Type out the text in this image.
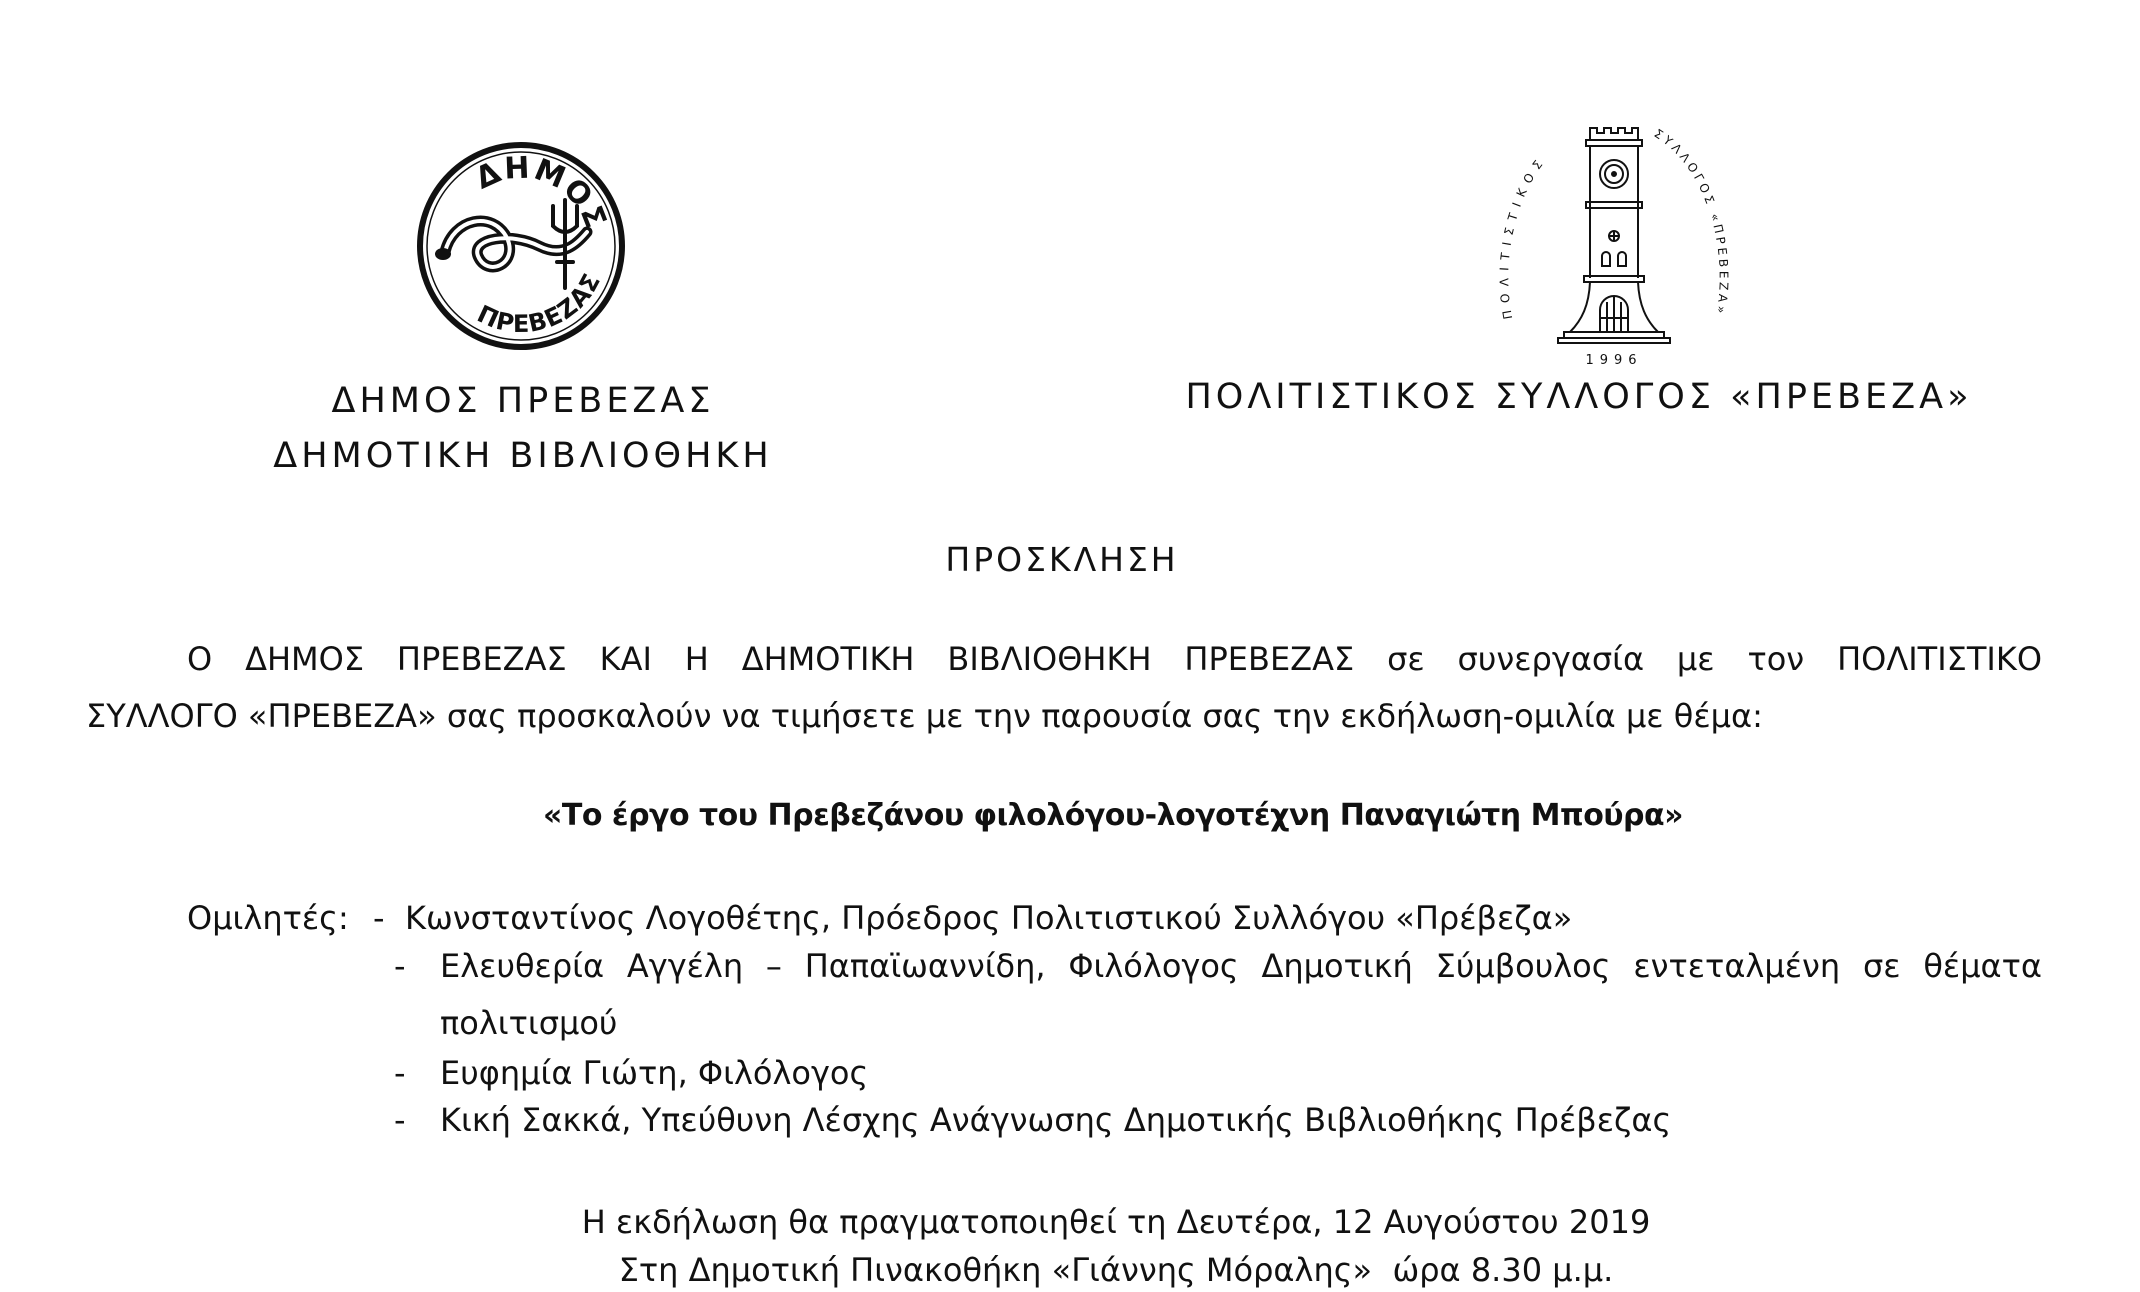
ΔΗΜΟΣ
ΠΡΕΒΕΖΑΣ
ΠΟΛΙΤΙΣΤΙΚΟΣ
ΣΥΛΛΟΓΟΣ «ΠΡΕΒΕΖΑ»
1996
ΔΗΜΟΣ ΠΡΕΒΕΖΑΣ
ΔΗΜΟΤΙΚΗ ΒΙΒΛΙΟΘΗΚΗ
ΠΟΛΙΤΙΣΤΙΚΟΣ ΣΥΛΛΟΓΟΣ «ΠΡΕΒΕΖΑ»
ΠΡΟΣΚΛΗΣΗ
Ο ΔΗΜΟΣ ΠΡΕΒΕΖΑΣ ΚΑΙ Η ΔΗΜΟΤΙΚΗ ΒΙΒΛΙΟΘΗΚΗ ΠΡΕΒΕΖΑΣ σε συνεργασία με τον ΠΟΛΙΤΙΣΤΙΚΟ
ΣΥΛΛΟΓΟ «ΠΡΕΒΕΖΑ» σας προσκαλούν να τιμήσετε με την παρουσία σας την εκδήλωση-ομιλία με θέμα:
«Το έργο του Πρεβεζάνου φιλολόγου-λογοτέχνη Παναγιώτη Μπούρα»
Ομιλητές: - Κωνσταντίνος Λογοθέτης, Πρόεδρος Πολιτιστικού Συλλόγου «Πρέβεζα»
- Ελευθερία Αγγέλη – Παπαϊωαννίδη, Φιλόλογος Δημοτική Σύμβουλος εντεταλμένη σε θέματα
πολιτισμού
- Ευφημία Γιώτη, Φιλόλογος
- Κική Σακκά, Υπεύθυνη Λέσχης Ανάγνωσης Δημοτικής Βιβλιοθήκης Πρέβεζας
Η εκδήλωση θα πραγματοποιηθεί τη Δευτέρα, 12 Αυγούστου 2019
Στη Δημοτική Πινακοθήκη «Γιάννης Μόραλης»  ώρα 8.30 μ.μ.
